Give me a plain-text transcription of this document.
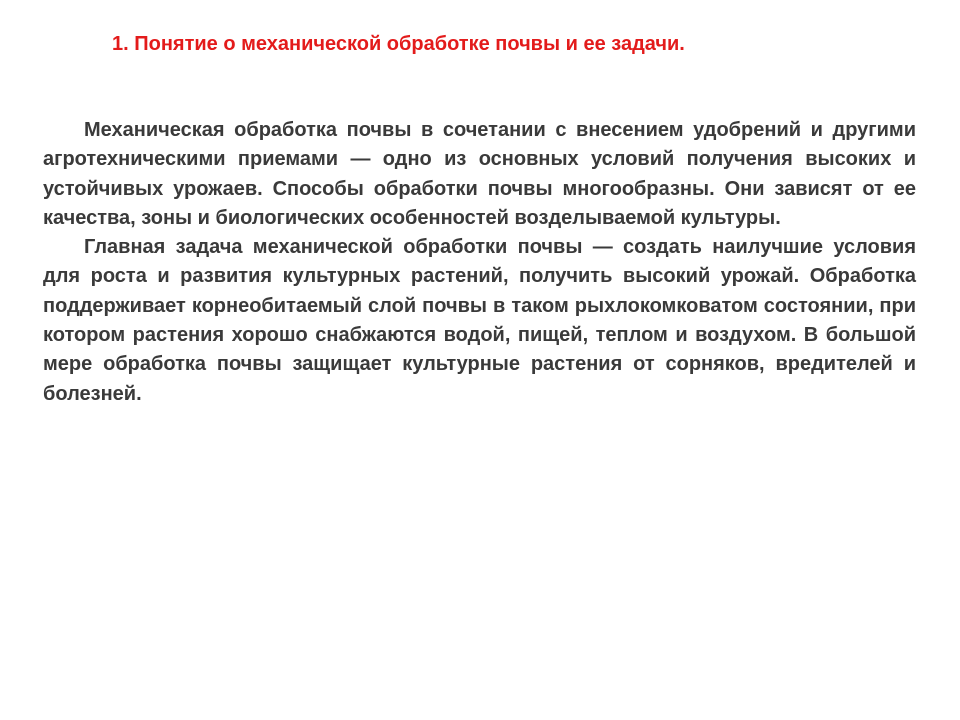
1. Понятие о механической обработке почвы и ее задачи.

Механическая обработка почвы в сочетании с внесением удобрений и другими агротехническими приемами — одно из основных условий получения высоких и устойчивых урожаев. Способы обработки почвы многообразны. Они зависят от ее качества, зоны и биологических особенностей возделываемой культуры.

Главная задача механической обработки почвы — создать наилучшие условия для роста и развития культурных растений, получить высокий урожай. Обработка поддерживает корнеобитаемый слой почвы в таком рыхлокомковатом состоянии, при котором растения хорошо снабжаются водой, пищей, теплом и воздухом. В большой мере обработка почвы защищает культурные растения от сорняков, вредителей и болезней.
